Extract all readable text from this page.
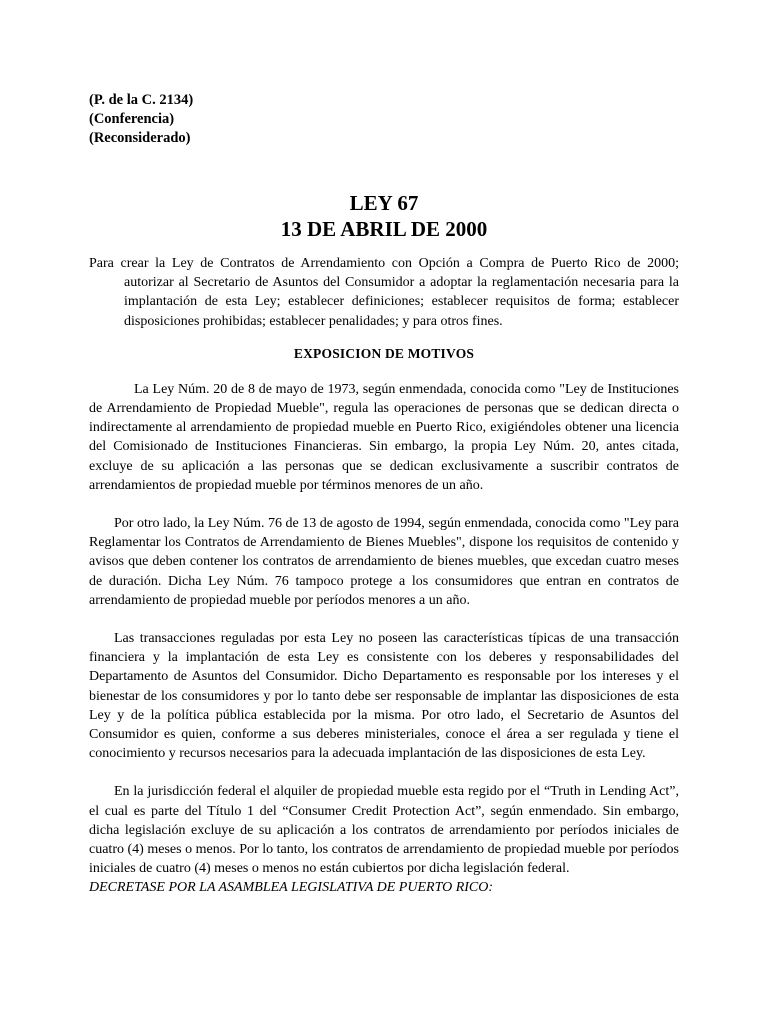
(P. de la C. 2134)
(Conferencia)
(Reconsiderado)
LEY 67
13 DE ABRIL DE 2000

Para crear la Ley de Contratos de Arrendamiento con Opción a Compra de Puerto Rico de 2000; autorizar al Secretario de Asuntos del Consumidor a adoptar la reglamentación necesaria para la implantación de esta Ley; establecer definiciones; establecer requisitos de forma; establecer disposiciones prohibidas; establecer penalidades; y para otros fines.

EXPOSICION DE MOTIVOS

La Ley Núm. 20 de 8 de mayo de 1973, según enmendada, conocida como "Ley de Instituciones de Arrendamiento de Propiedad Mueble", regula las operaciones de personas que se dedican directa o indirectamente al arrendamiento de propiedad mueble en Puerto Rico, exigiéndoles obtener una licencia del Comisionado de Instituciones Financieras. Sin embargo, la propia Ley Núm. 20, antes citada, excluye de su aplicación a las personas que se dedican exclusivamente a suscribir contratos de arrendamientos de propiedad mueble por términos menores de un año.

Por otro lado, la Ley Núm. 76 de 13 de agosto de 1994, según enmendada, conocida como "Ley para Reglamentar los Contratos de Arrendamiento de Bienes Muebles", dispone los requisitos de contenido y avisos que deben contener los contratos de arrendamiento de bienes muebles, que excedan cuatro meses de duración. Dicha Ley Núm. 76 tampoco protege a los consumidores que entran en contratos de arrendamiento de propiedad mueble por períodos menores a un año.

Las transacciones reguladas por esta Ley no poseen las características típicas de una transacción financiera y la implantación de esta Ley es consistente con los deberes y responsabilidades del Departamento de Asuntos del Consumidor. Dicho Departamento es responsable por los intereses y el bienestar de los consumidores y por lo tanto debe ser responsable de implantar las disposiciones de esta Ley y de la política pública establecida por la misma. Por otro lado, el Secretario de Asuntos del Consumidor es quien, conforme a sus deberes ministeriales, conoce el área a ser regulada y tiene el conocimiento y recursos necesarios para la adecuada implantación de las disposiciones de esta Ley.

En la jurisdicción federal el alquiler de propiedad mueble esta regido por el “Truth in Lending Act”, el cual es parte del Título 1 del “Consumer Credit Protection Act”, según enmendado. Sin embargo, dicha legislación excluye de su aplicación a los contratos de arrendamiento por períodos iniciales de cuatro (4) meses o menos. Por lo tanto, los contratos de arrendamiento de propiedad mueble por períodos iniciales de cuatro (4) meses o menos no están cubiertos por dicha legislación federal.

DECRETASE POR LA ASAMBLEA LEGISLATIVA DE PUERTO RICO:
